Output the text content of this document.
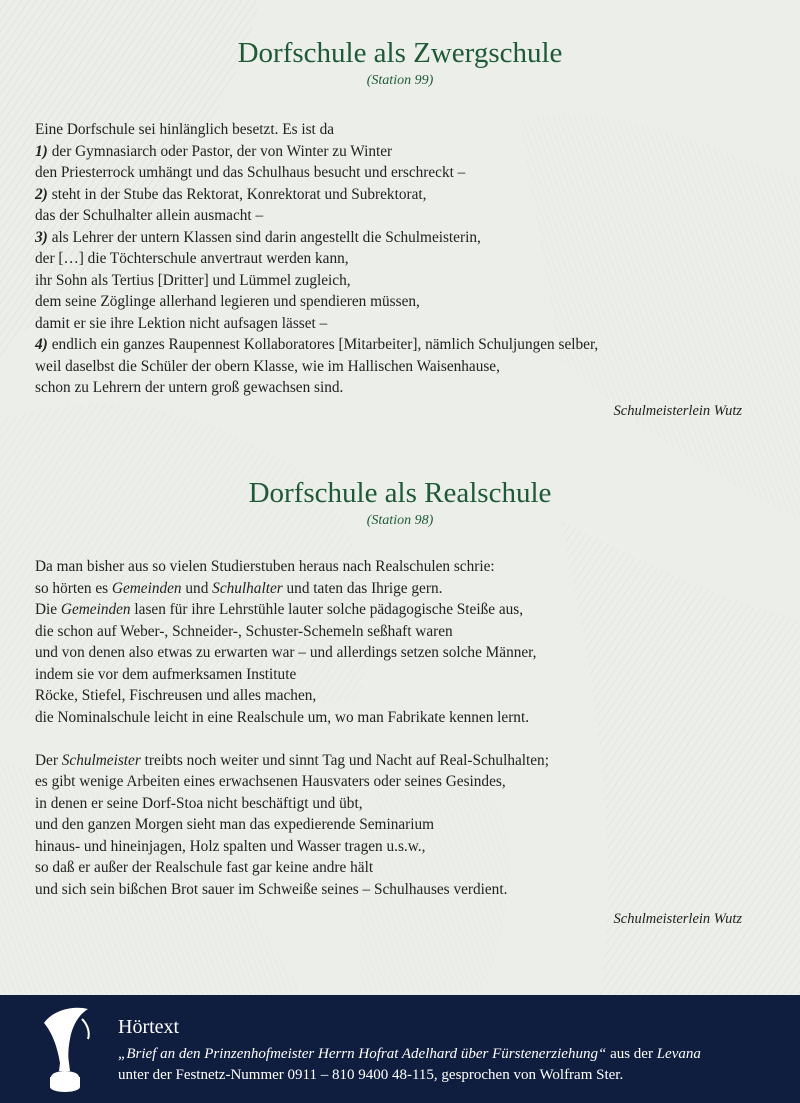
Dorfschule als Zwergschule
(Station 99)
Eine Dorfschule sei hinlänglich besetzt. Es ist da
1) der Gymnasiarch oder Pastor, der von Winter zu Winter
den Priesterrock umhängt und das Schulhaus besucht und erschreckt –
2) steht in der Stube das Rektorat, Konrektorat und Subrektorat,
das der Schulhalter allein ausmacht –
3) als Lehrer der untern Klassen sind darin angestellt die Schulmeisterin,
der […] die Töchterschule anvertraut werden kann,
ihr Sohn als Tertius [Dritter] und Lümmel zugleich,
dem seine Zöglinge allerhand legieren und spendieren müssen,
damit er sie ihre Lektion nicht aufsagen lässet –
4) endlich ein ganzes Raupennest Kollaboratores [Mitarbeiter], nämlich Schuljungen selber,
weil daselbst die Schüler der obern Klasse, wie im Hallischen Waisenhause,
schon zu Lehrern der untern groß gewachsen sind.
Schulmeisterlein Wutz
Dorfschule als Realschule
(Station 98)
Da man bisher aus so vielen Studierstuben heraus nach Realschulen schrie:
so hörten es Gemeinden und Schulhalter und taten das Ihrige gern.
Die Gemeinden lasen für ihre Lehrstühle lauter solche pädagogische Steiße aus,
die schon auf Weber-, Schneider-, Schuster-Schemeln seßhaft waren
und von denen also etwas zu erwarten war – und allerdings setzen solche Männer,
indem sie vor dem aufmerksamen Institute
Röcke, Stiefel, Fischreusen und alles machen,
die Nominalschule leicht in eine Realschule um, wo man Fabrikate kennen lernt.
Der Schulmeister treibts noch weiter und sinnt Tag und Nacht auf Real-Schulhalten;
es gibt wenige Arbeiten eines erwachsenen Hausvaters oder seines Gesindes,
in denen er seine Dorf-Stoa nicht beschäftigt und übt,
und den ganzen Morgen sieht man das expedierende Seminarium
hinaus- und hineinjagen, Holz spalten und Wasser tragen u.s.w.,
so daß er außer der Realschule fast gar keine andre hält
und sich sein bißchen Brot sauer im Schweiße seines – Schulhauses verdient.
Schulmeisterlein Wutz
Hörtext
„Brief an den Prinzenhofmeister Herrn Hofrat Adelhard über Fürstenerziehung“ aus der Levana
unter der Festnetz-Nummer 0911 – 810 9400 48-115, gesprochen von Wolfram Ster.
